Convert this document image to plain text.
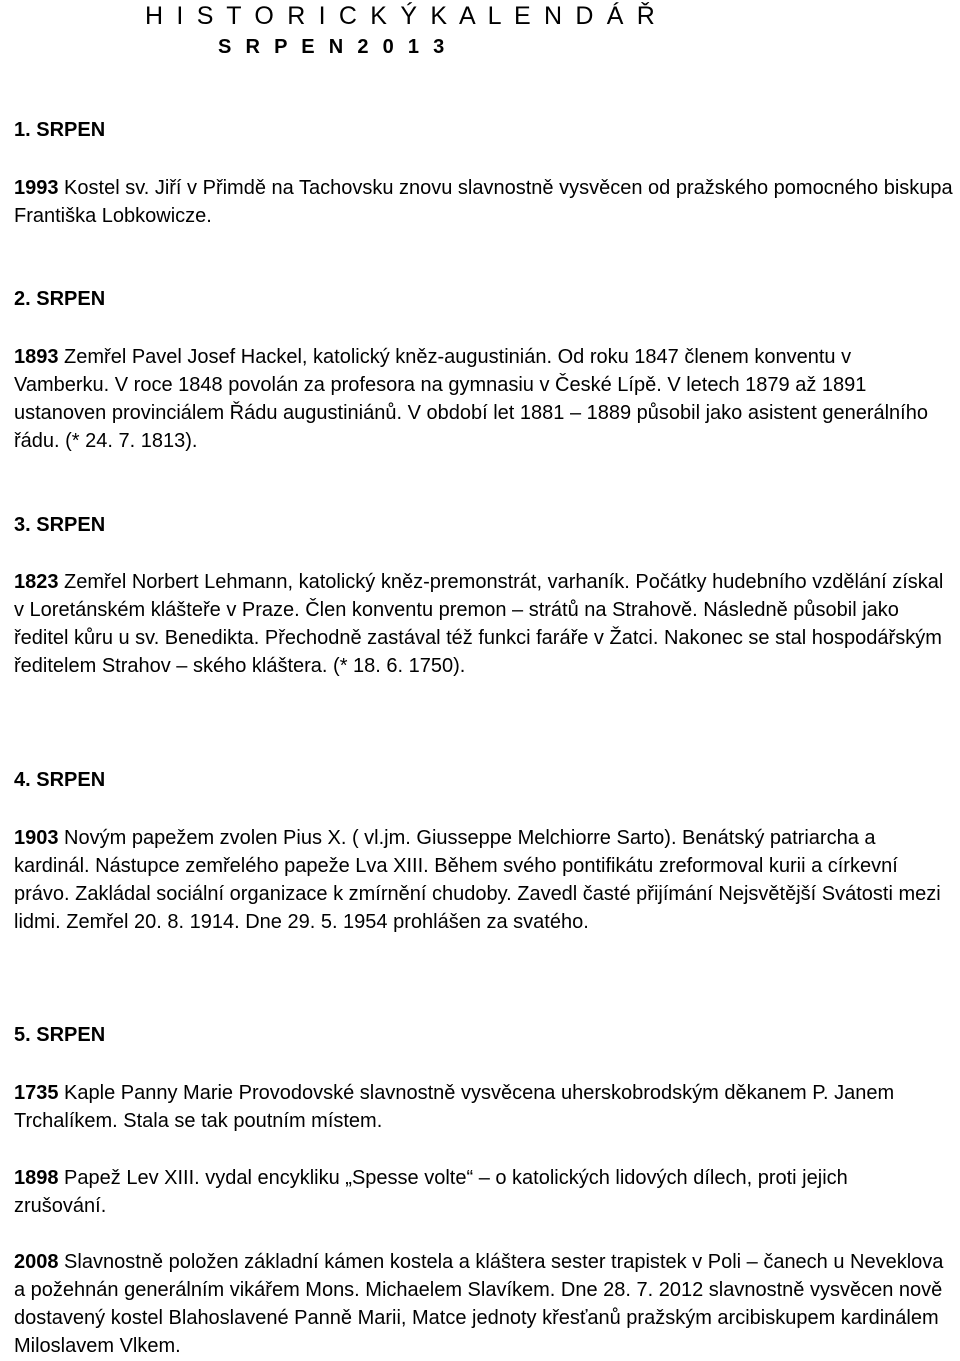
H I S T O R I C K Ý K A L E N D Á Ř
S R P E N 2 0 1 3
1. SRPEN

1993 Kostel sv. Jiří v Přimdě na Tachovsku znovu slavnostně vysvěcen od pražského pomocného biskupa Františka Lobkowicze.

2. SRPEN

1893 Zemřel Pavel Josef Hackel, katolický kněz-augustinián. Od roku 1847 členem konventu v Vamberku. V roce 1848 povolán za profesora na gymnasiu v České Lípě. V letech 1879 až 1891 ustanoven provinciálem Řádu augustiniánů. V období let 1881 – 1889 působil jako asistent generálního řádu. (* 24. 7. 1813).

3. SRPEN

1823 Zemřel Norbert Lehmann, katolický kněz-premonstrát, varhaník. Počátky hudebního vzdělání získal v Loretánském klášteře v Praze. Člen konventu premon – strátů na Strahově. Následně působil jako ředitel kůru u sv. Benedikta. Přechodně zastával též funkci faráře v Žatci. Nakonec se stal hospodářským ředitelem Strahov – ského kláštera. (* 18. 6. 1750).

4. SRPEN

1903 Novým papežem zvolen Pius X. ( vl.jm. Giusseppe Melchiorre Sarto). Benátský patriarcha a kardinál. Nástupce zemřelého papeže Lva XIII. Během svého pontifikátu zreformoval kurii a církevní právo. Zakládal sociální organizace k zmírnění chudoby. Zavedl časté přijímání Nejsvětější Svátosti mezi lidmi. Zemřel 20. 8. 1914. Dne 29. 5. 1954 prohlášen za svatého.

5. SRPEN

1735 Kaple Panny Marie Provodovské slavnostně vysvěcena uherskobrodským děkanem P. Janem Trchalíkem. Stala se tak poutním místem.

1898 Papež Lev XIII. vydal encykliku „Spesse volte“ – o katolických lidových dílech, proti jejich zrušování.

2008 Slavnostně položen základní kámen kostela a kláštera sester trapistek v Poli – čanech u Neveklova a požehnán generálním vikářem Mons. Michaelem Slavíkem. Dne 28. 7. 2012 slavnostně vysvěcen nově dostavený kostel Blahoslavené Panně Marii, Matce jednoty křesťanů pražským arcibiskupem kardinálem Miloslavem Vlkem.
